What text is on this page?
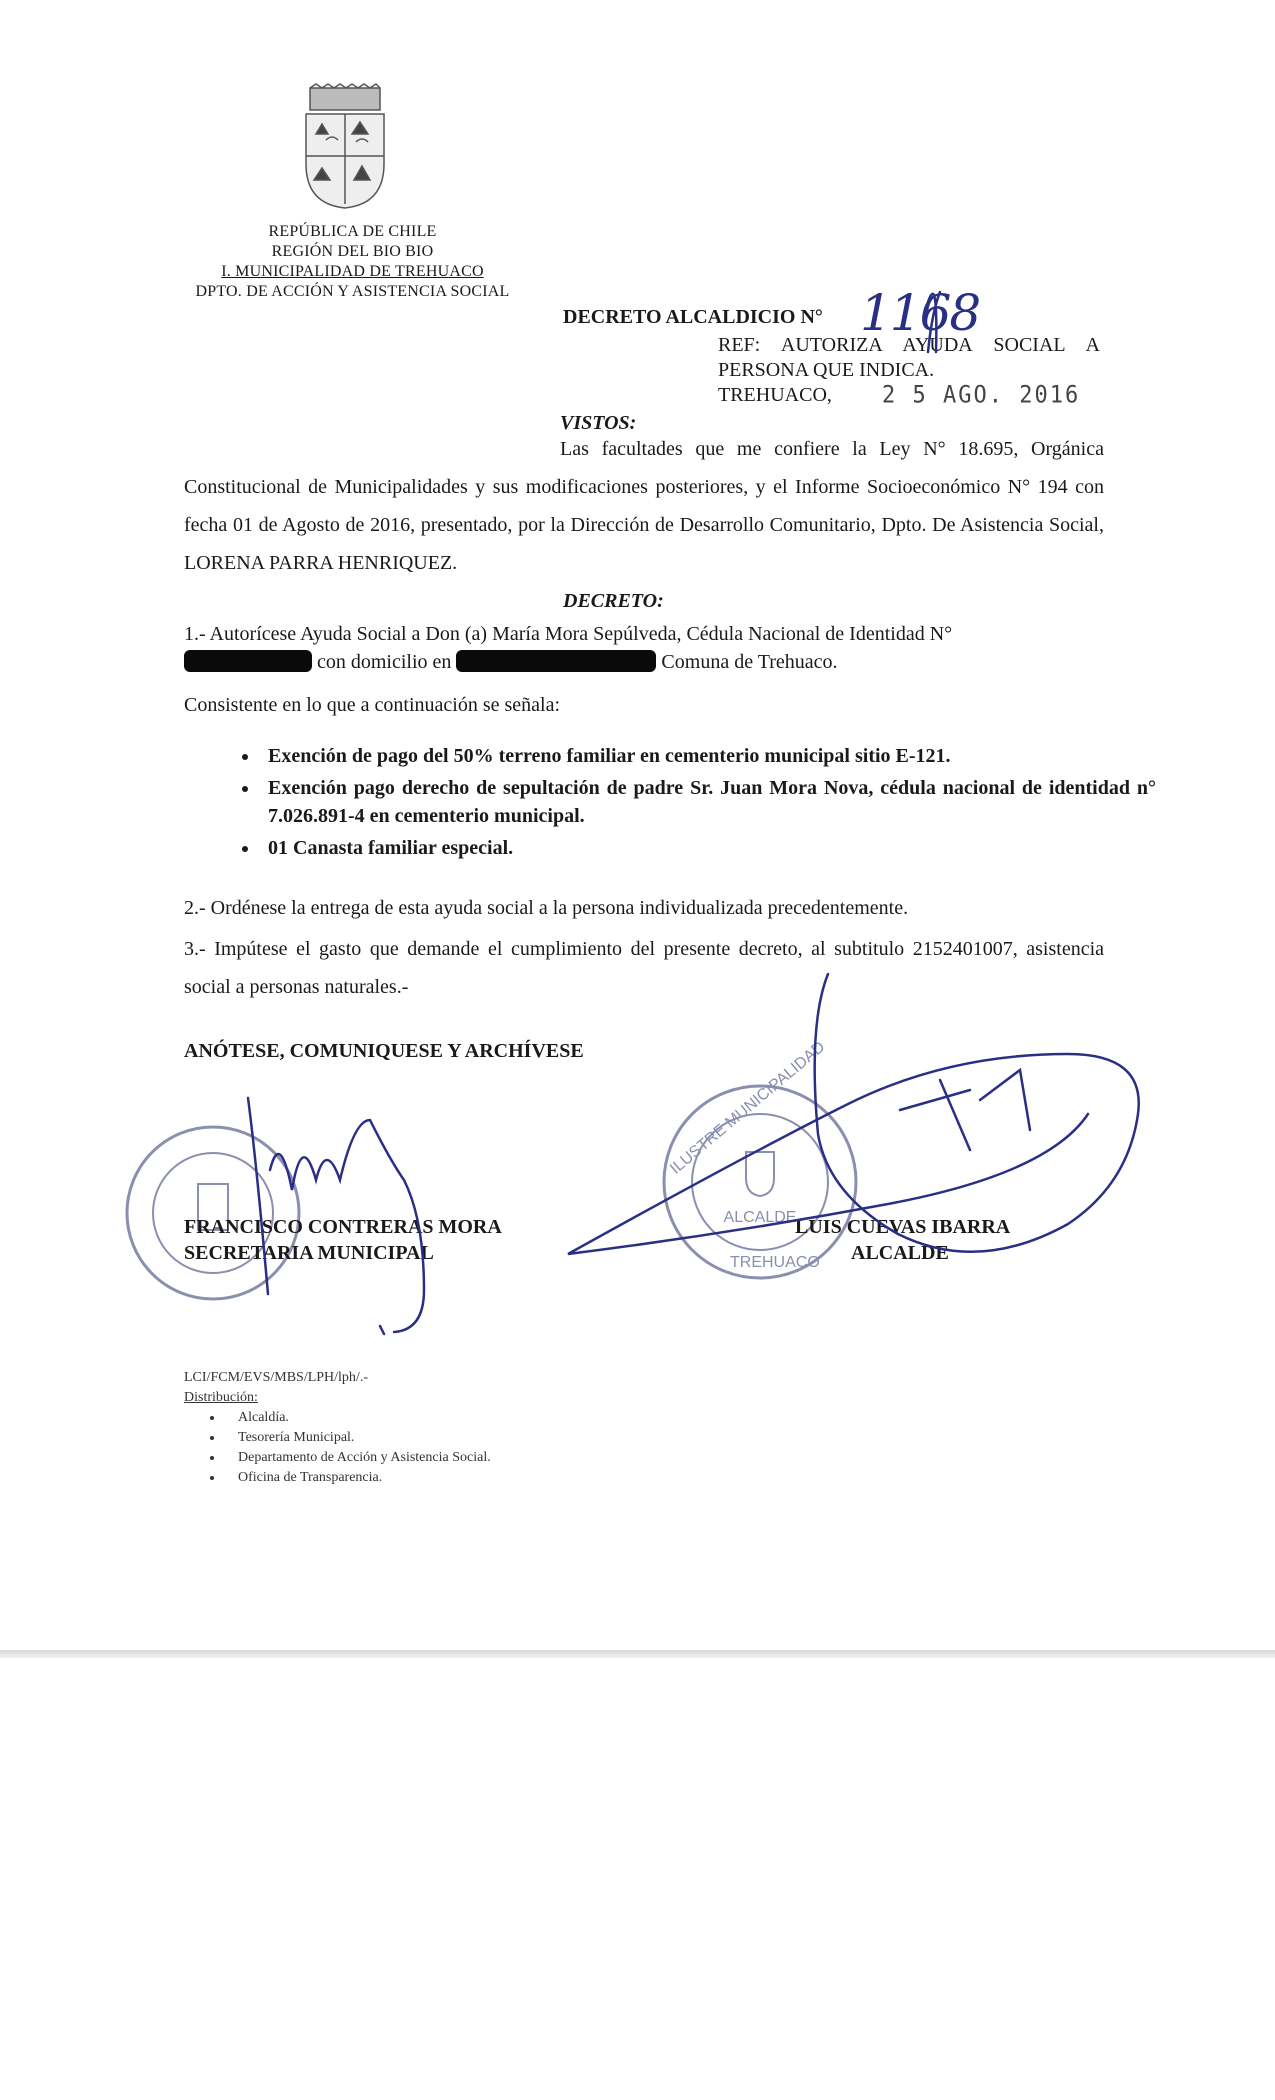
REPÚBLICA DE CHILE
REGIÓN DEL BIO BIO
I. MUNICIPALIDAD DE TREHUACO
DPTO. DE ACCIÓN Y ASISTENCIA SOCIAL
DECRETO ALCALDICIO N° 1168
REF: AUTORIZA AYUDA SOCIAL A
PERSONA QUE INDICA.
TREHUACO, 2 5 AGO. 2016
VISTOS:
Las facultades que me confiere la Ley N° 18.695, Orgánica Constitucional de Municipalidades y sus modificaciones posteriores, y el Informe Socioeconómico N° 194 con fecha 01 de Agosto de 2016, presentado, por la Dirección de Desarrollo Comunitario, Dpto. De Asistencia Social, LORENA PARRA HENRIQUEZ.
DECRETO:
1.- Autorícese Ayuda Social a Don (a) María Mora Sepúlveda, Cédula Nacional de Identidad N°
con domicilio en	Comuna de Trehuaco.
Consistente en lo que a continuación se señala:
• Exención de pago del 50% terreno familiar en cementerio municipal sitio E-121.
• Exención pago derecho de sepultación de padre Sr. Juan Mora Nova, cédula nacional de identidad n° 7.026.891-4 en cementerio municipal.
• 01 Canasta familiar especial.
2.- Ordénese la entrega de esta ayuda social a la persona individualizada precedentemente.
3.- Impútese el gasto que demande el cumplimiento del presente decreto, al subtitulo 2152401007, asistencia social a personas naturales.-
ANÓTESE, COMUNIQUESE Y ARCHÍVESE
ALCALDE
ILUSTRE MUNICIPALIDAD
TREHUACO
FRANCISCO CONTRERAS MORA
SECRETARIA MUNICIPAL
LUIS CUEVAS IBARRA
ALCALDE
LCI/FCM/EVS/MBS/LPH/lph/.-
Distribución:
• Alcaldía.
• Tesorería Municipal.
• Departamento de Acción y Asistencia Social.
• Oficina de Transparencia.
